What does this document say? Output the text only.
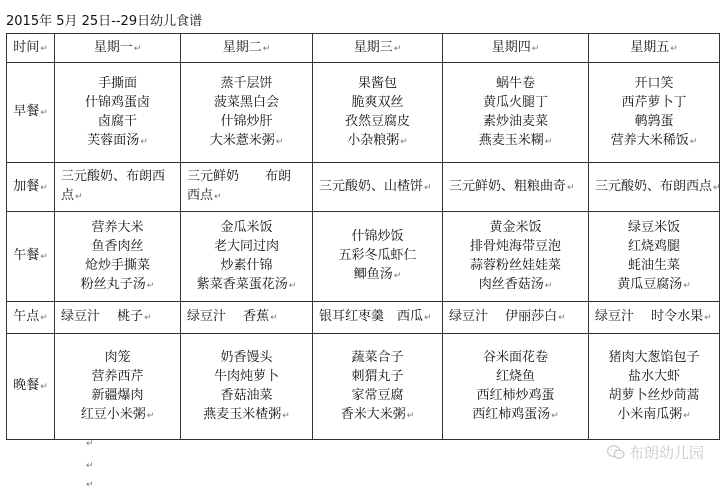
2015年 5月 25日--29日幼儿食谱
时间↵	星期一↵	星期二↵	星期三↵	星期四↵	星期五↵
早餐↵	手撕面
什锦鸡蛋卤
卤腐干
芙蓉面汤↵	蒸千层饼
菠菜黑白会
什锦炒肝
大米薏米粥↵	果酱包
脆爽双丝
孜然豆腐皮
小杂粮粥↵	蜗牛卷
黄瓜火腿丁
素炒油麦菜
燕麦玉米糊↵	开口笑
西芹萝卜丁
鹌鹑蛋
营养大米稀饭↵

加餐↵	三元酸奶、布朗西
点↵	三元鲜奶　　布朗
西点↵	三元酸奶、山楂饼↵	三元鲜奶、粗粮曲奇↵	三元酸奶、布朗西点↵

午餐↵	营养大米
鱼香肉丝
炝炒手撕菜
粉丝丸子汤↵	金瓜米饭
老大同过肉
炒素什锦
紫菜香菜蛋花汤↵	什锦炒饭
五彩冬瓜虾仁
鲫鱼汤↵	黄金米饭
排骨炖海带豆泡
蒜蓉粉丝娃娃菜
肉丝香菇汤↵	绿豆米饭
红烧鸡腿
蚝油生菜
黄瓜豆腐汤↵

午点↵	绿豆汁　 桃子↵	绿豆汁　 香蕉↵	银耳红枣羹　西瓜↵	绿豆汁　 伊丽莎白↵	绿豆汁　 时令水果↵

晚餐↵	肉笼
营养西芹
新疆爆肉
红豆小米粥↵	奶香馒头
牛肉炖萝卜
香菇油菜
燕麦玉米楂粥↵	蔬菜合子
刺猬丸子
家常豆腐
香米大米粥↵	谷米面花卷
红烧鱼
西红柿炒鸡蛋
西红柿鸡蛋汤↵	猪肉大葱馅包子
盐水大虾
胡萝卜丝炒茼蒿
小米南瓜粥↵
↵
↵
↵
布朗幼儿园
